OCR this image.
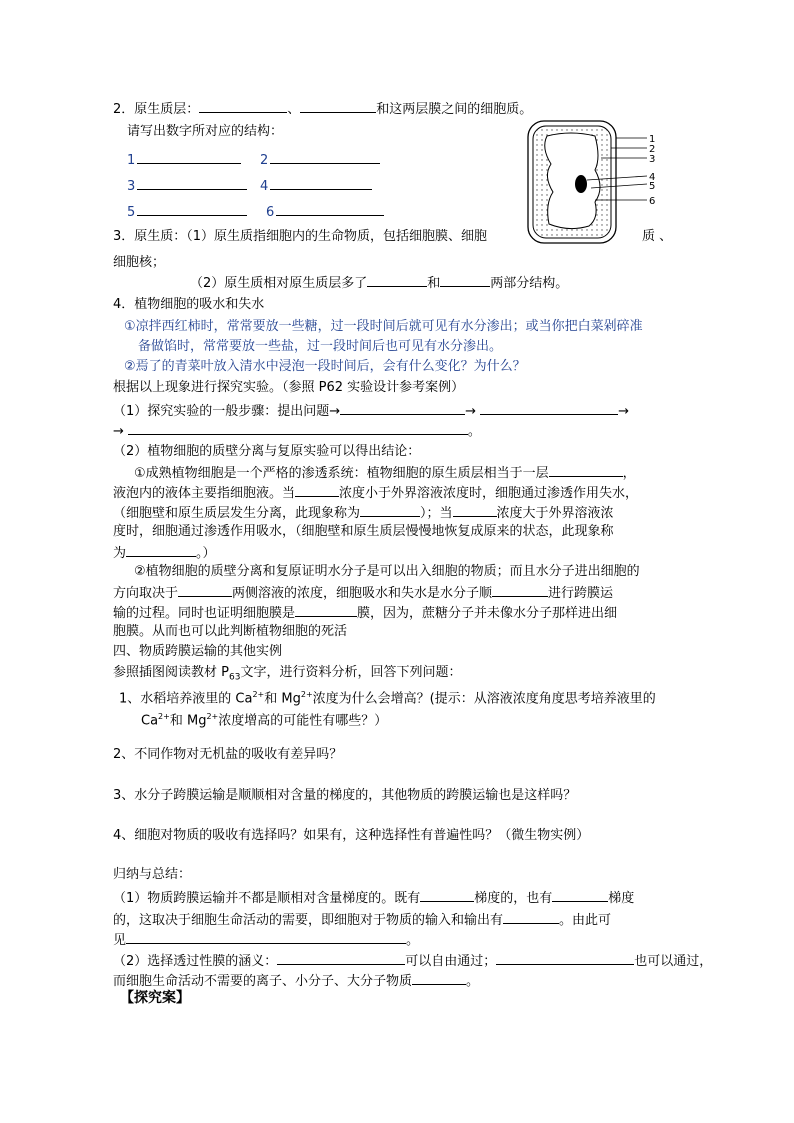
2．原生质层：	、	和这两层膜之间的细胞质。
请写出数字所对应的结构：
1	2
3	4
5	6
1
2
3
4
5
6
3．原生质：（1）原生质指细胞内的生命物质，包括细胞膜、细胞	质 、
细胞核；
（2）原生质相对原生质层多了	和	两部分结构。
4．植物细胞的吸水和失水
①凉拌西红柿时，常常要放一些糖，过一段时间后就可见有水分渗出；或当你把白菜剁碎准
备做馅时，常常要放一些盐，过一段时间后也可见有水分渗出。
②焉了的青菜叶放入清水中浸泡一段时间后，会有什么变化？为什么？
根据以上现象进行探究实验。（参照 P62 实验设计参考案例）
（1）探究实验的一般步骤：提出问题→	→	→
→	。
（2）植物细胞的质壁分离与复原实验可以得出结论：
①成熟植物细胞是一个严格的渗透系统：植物细胞的原生质层相当于一层	，
液泡内的液体主要指细胞液。当	浓度小于外界溶液浓度时，细胞通过渗透作用失水，
（细胞壁和原生质层发生分离，此现象称为	）；当	浓度大于外界溶液浓
度时，细胞通过渗透作用吸水，（细胞壁和原生质层慢慢地恢复成原来的状态，此现象称
为	。）
②植物细胞的质壁分离和复原证明水分子是可以出入细胞的物质；而且水分子进出细胞的
方向取决于	两侧溶液的浓度，细胞吸水和失水是水分子顺	进行跨膜运
输的过程。同时也证明细胞膜是	膜，因为，蔗糖分子并未像水分子那样进出细
胞膜。从而也可以此判断植物细胞的死活
四、物质跨膜运输的其他实例
参照插图阅读教材 $P_{63}$文字，进行资料分析，回答下列问题：
1、水稻培养液里的 $Ca^{2+}$和 $Mg^{2+}$浓度为什么会增高？(提示：从溶液浓度角度思考培养液里的
$Ca^{2+}$和 $Mg^{2+}$浓度增高的可能性有哪些？）
2、不同作物对无机盐的吸收有差异吗？
3、水分子跨膜运输是顺顺相对含量的梯度的，其他物质的跨膜运输也是这样吗？
4、细胞对物质的吸收有选择吗？如果有，这种选择性有普遍性吗？（微生物实例）
归纳与总结：
（1）物质跨膜运输并不都是顺相对含量梯度的。既有	梯度的，也有	梯度
的，这取决于细胞生命活动的需要，即细胞对于物质的输入和输出有	。由此可
见	。
（2）选择透过性膜的涵义：	可以自由通过；	也可以通过，
而细胞生命活动不需要的离子、小分子、大分子物质	。
【探究案】
